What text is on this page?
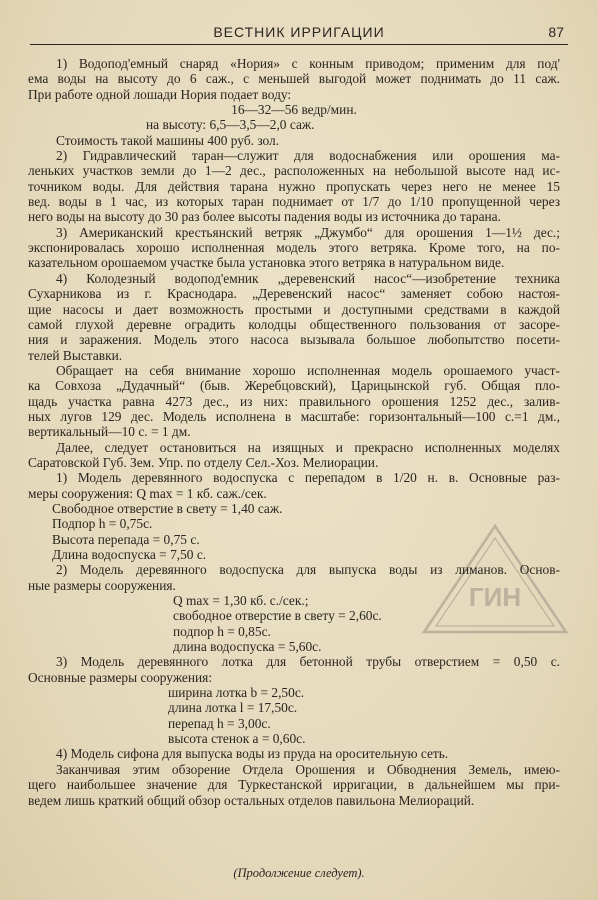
ВЕСТНИК ИРРИГАЦИИ	87
ГИН

1) Водопод'емный снаряд «Нория» с конным приводом; применим для под'

ема воды на высоту до 6 саж., с меньшей выгодой может поднимать до 11 саж.

При работе одной лошади Нория подает воду:

16—32—56 ведр/мин.

на высоту: 6,5—3,5—2,0 саж.

Стоимость такой машины 400 руб. зол.

2) Гидравлический таран—служит для водоснабжения или орошения ма-

леньких участков земли до 1—2 дес., расположенных на небольшой высоте над ис-

точником воды. Для действия тарана нужно пропускать через него не менее 15

вед. воды в 1 час, из которых таран поднимает от 1/7 до 1/10 пропущенной через

него воды на высоту до 30 раз более высоты падения воды из источника до тарана.

3) Американский крестьянский ветряк „Джумбо“ для орошения 1—1½ дес.;

экспонировалась хорошо исполненная модель этого ветряка. Кроме того, на по-

казательном орошаемом участке была установка этого ветряка в натуральном виде.

4) Колодезный водопод'емник „деревенский насос“—изобретение техника

Сухарникова из г. Краснодара. „Деревенский насос“ заменяет собою настоя-

щие насосы и дает возможность простыми и доступными средствами в каждой

самой глухой деревне оградить колодцы общественного пользования от засоре-

ния и заражения. Модель этого насоса вызывала большое любопытство посети-

телей Выставки.

Обращает на себя внимание хорошо исполненная модель орошаемого участ-

ка Совхоза „Дудачный“ (быв. Жеребцовский), Царицынской губ. Общая пло-

щадь участка равна 4273 дес., из них: правильного орошения 1252 дес., залив-

ных лугов 129 дес. Модель исполнена в масштабе: горизонтальный—100 с.=1 дм.,

вертикальный—10 с. = 1 дм.

Далее, следует остановиться на изящных и прекрасно исполненных моделях

Саратовской Губ. Зем. Упр. по отделу Сел.-Хоз. Мелиорации.

1) Модель деревянного водоспуска с перепадом в 1/20 н. в. Основные раз-

меры сооружения: Q max = 1 кб. саж./сек.

Свободное отверстие в свету = 1,40 саж.

Подпор h = 0,75с.

Высота перепада = 0,75 с.

Длина водоспуска = 7,50 с.

2) Модель деревянного водоспуска для выпуска воды из лиманов. Основ-

ные размеры сооружения.

Q max = 1,30 кб. с./сек.;

свободное отверстие в свету = 2,60с.

подпор h = 0,85с.

длина водоспуска = 5,60с.

3) Модель деревянного лотка для бетонной трубы отверстием = 0,50 с.

Основные размеры сооружения:

ширина лотка b = 2,50с.

длина лотка l = 17,50с.

перепад h = 3,00с.

высота стенок a = 0,60с.

4) Модель сифона для выпуска воды из пруда на оросительную сеть.

Заканчивая этим обзорение Отдела Орошения и Обводнения Земель, имею-

щего наибольшее значение для Туркестанской ирригации, в дальнейшем мы при-

ведем лишь краткий общий обзор остальных отделов павильона Мелиораций.

(Продолжение следует).
